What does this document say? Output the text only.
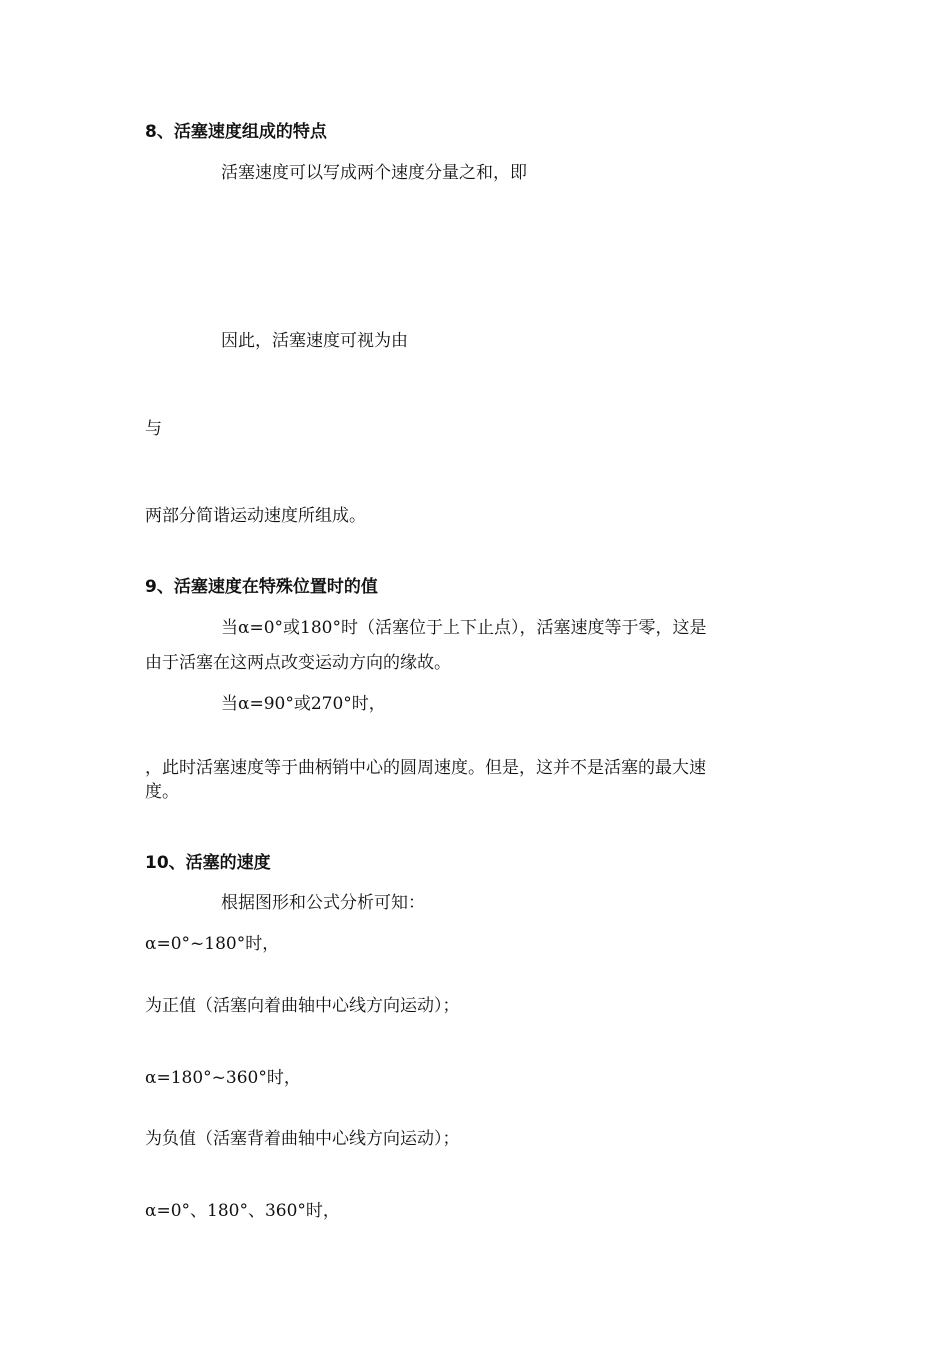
8、活塞速度组成的特点
活塞速度可以写成两个速度分量之和，即
因此，活塞速度可视为由
与
两部分简谐运动速度所组成。
9、活塞速度在特殊位置时的值
当α=0°或180°时（活塞位于上下止点），活塞速度等于零，这是
由于活塞在这两点改变运动方向的缘故。
当α=90°或270°时，
，此时活塞速度等于曲柄销中心的圆周速度。但是，这并不是活塞的最大速
度。
10、活塞的速度
根据图形和公式分析可知：
α=0°~180°时，
为正值（活塞向着曲轴中心线方向运动）；
α=180°~360°时，
为负值（活塞背着曲轴中心线方向运动）；
α=0°、180°、360°时，
